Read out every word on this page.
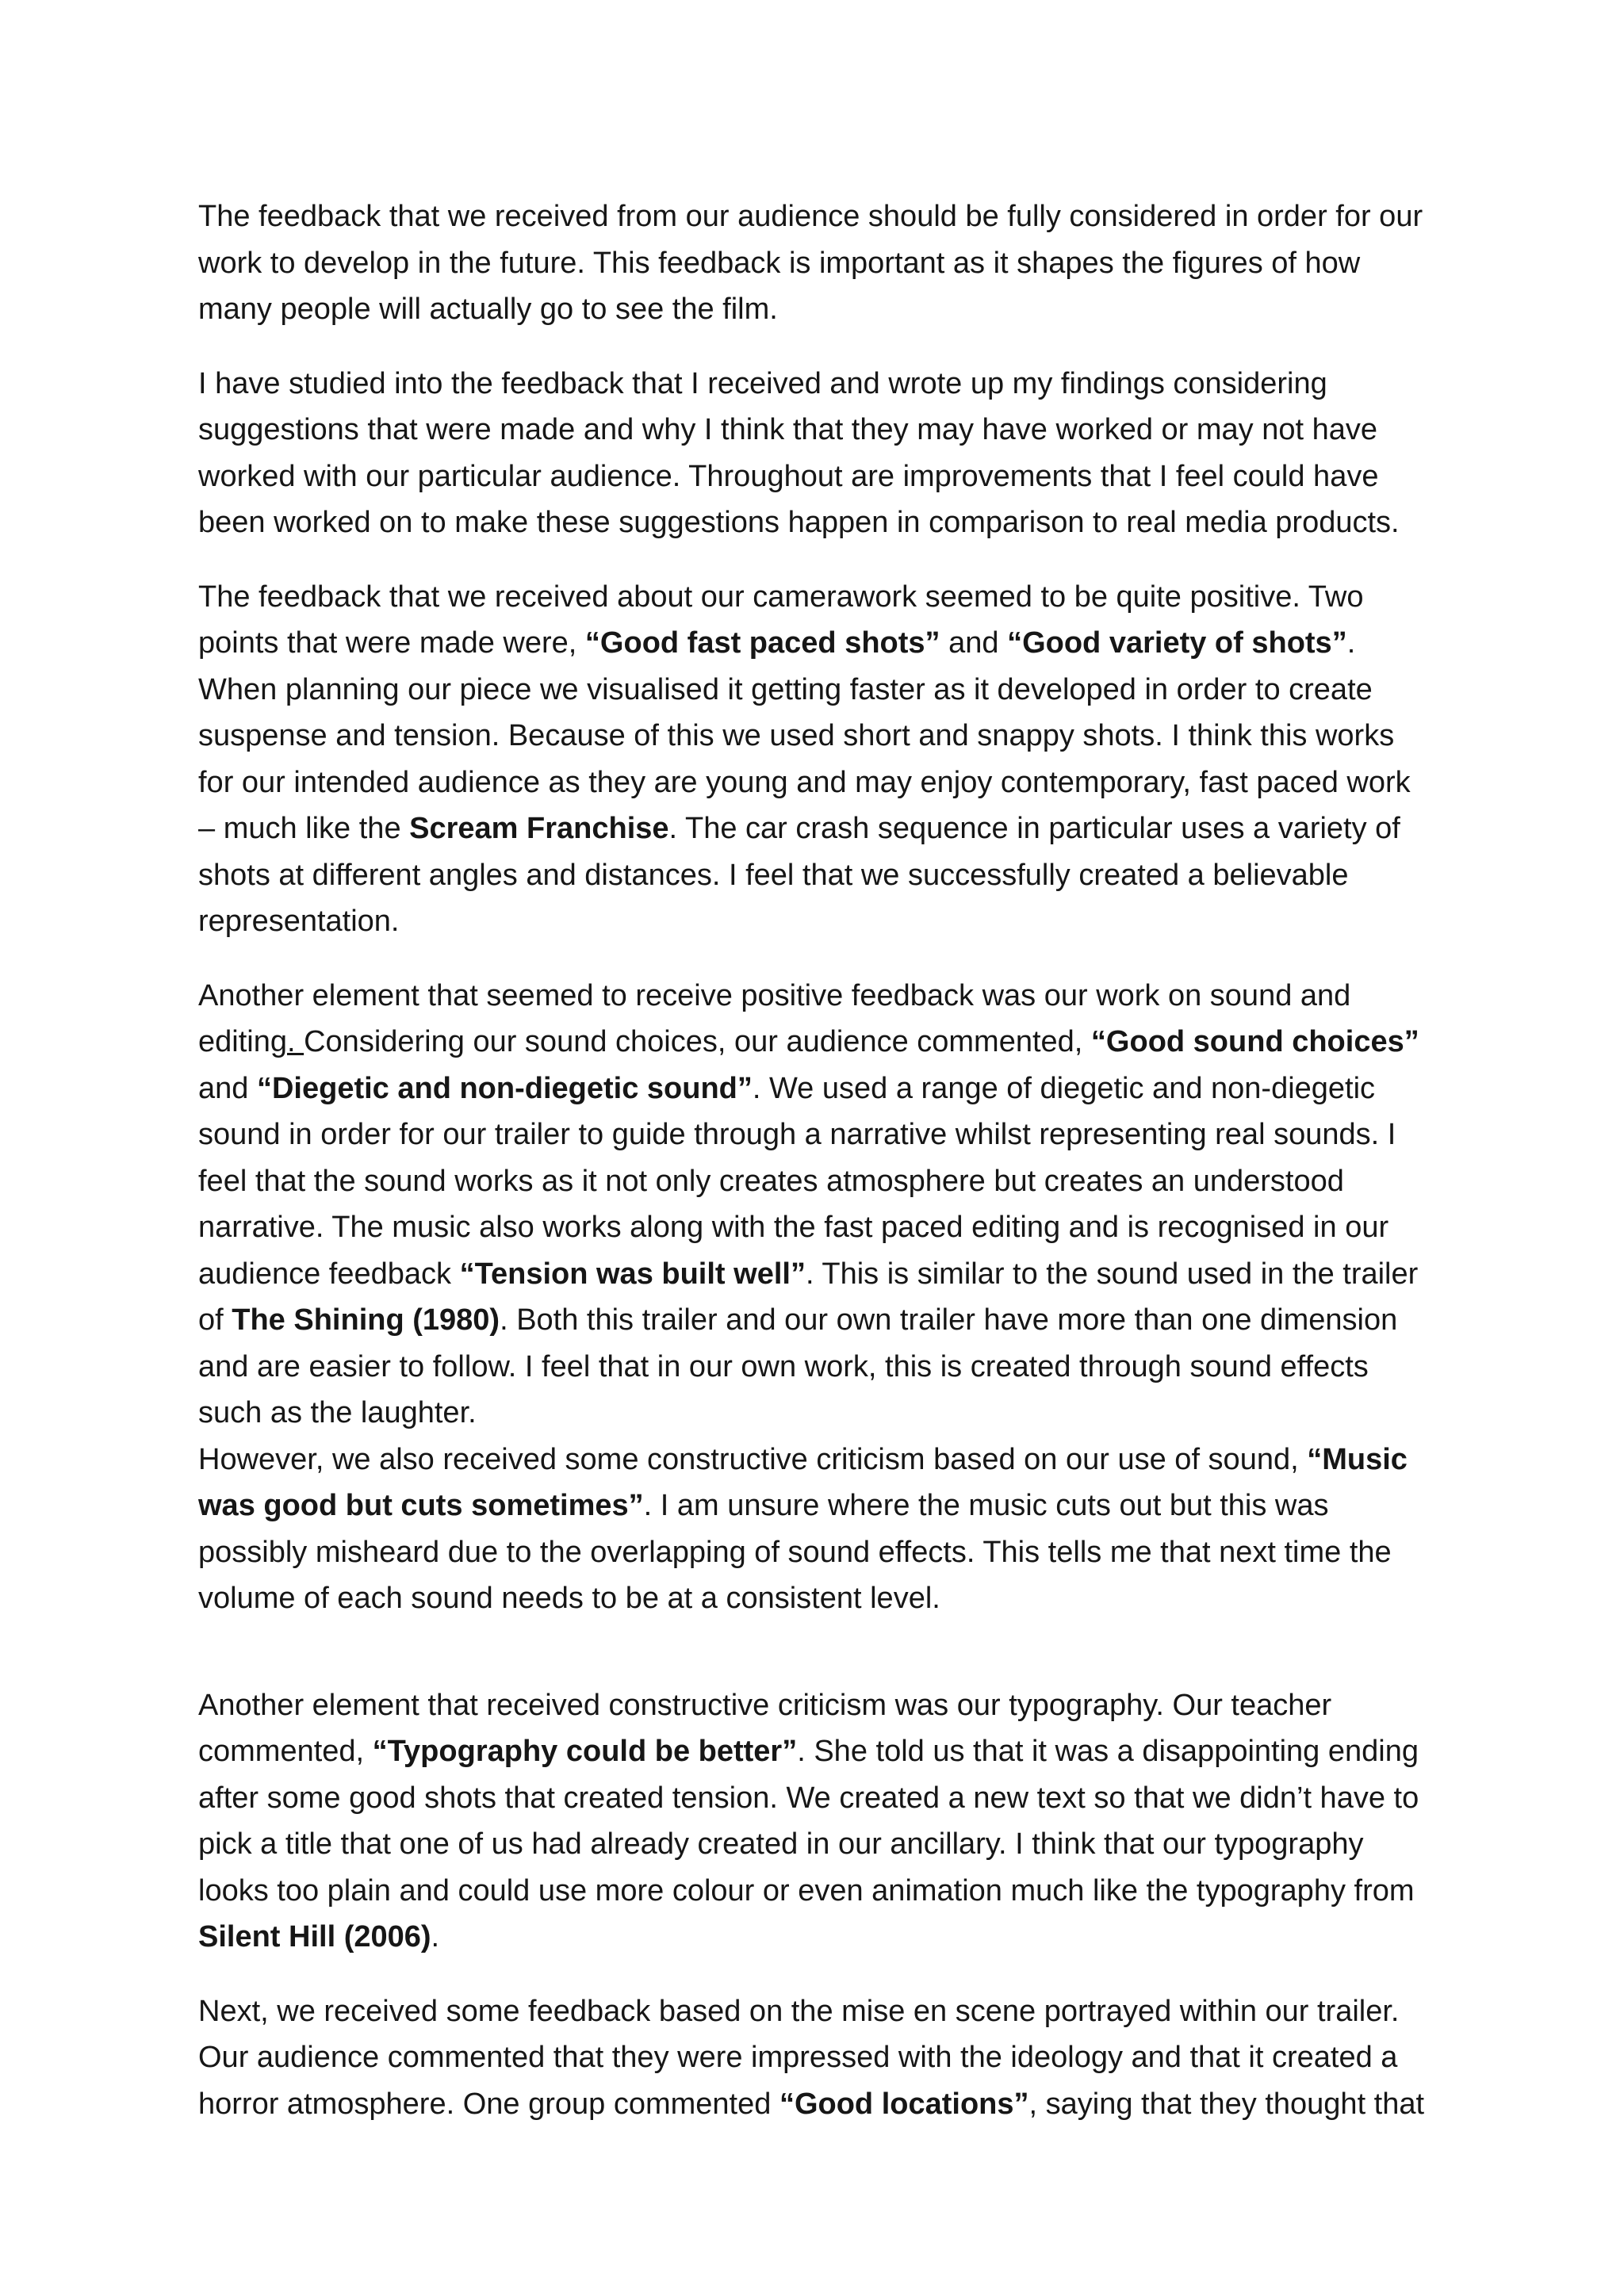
The feedback that we received from our audience should be fully considered in order for our work to develop in the future. This feedback is important as it shapes the figures of how many people will actually go to see the film.

I have studied into the feedback that I received and wrote up my findings considering suggestions that were made and why I think that they may have worked or may not have worked with our particular audience. Throughout are improvements that I feel could have been worked on to make these suggestions happen in comparison to real media products.

The feedback that we received about our camerawork seemed to be quite positive. Two points that were made were, “Good fast paced shots” and “Good variety of shots”. When planning our piece we visualised it getting faster as it developed in order to create suspense and tension. Because of this we used short and snappy shots. I think this works for our intended audience as they are young and may enjoy contemporary, fast paced work – much like the Scream Franchise. The car crash sequence in particular uses a variety of shots at different angles and distances. I feel that we successfully created a believable representation.

Another element that seemed to receive positive feedback was our work on sound and editing. Considering our sound choices, our audience commented, “Good sound choices” and “Diegetic and non-diegetic sound”. We used a range of diegetic and non-diegetic sound in order for our trailer to guide through a narrative whilst representing real sounds. I feel that the sound works as it not only creates atmosphere but creates an understood narrative. The music also works along with the fast paced editing and is recognised in our audience feedback “Tension was built well”. This is similar to the sound used in the trailer of The Shining (1980). Both this trailer and our own trailer have more than one dimension and are easier to follow. I feel that in our own work, this is created through sound effects such as the laughter.

However, we also received some constructive criticism based on our use of sound, “Music was good but cuts sometimes”. I am unsure where the music cuts out but this was possibly misheard due to the overlapping of sound effects. This tells me that next time the volume of each sound needs to be at a consistent level.

Another element that received constructive criticism was our typography. Our teacher commented, “Typography could be better”. She told us that it was a disappointing ending after some good shots that created tension. We created a new text so that we didn’t have to pick a title that one of us had already created in our ancillary. I think that our typography looks too plain and could use more colour or even animation much like the typography from Silent Hill (2006).

Next, we received some feedback based on the mise en scene portrayed within our trailer. Our audience commented that they were impressed with the ideology and that it created a horror atmosphere. One group commented “Good locations”, saying that they thought that
